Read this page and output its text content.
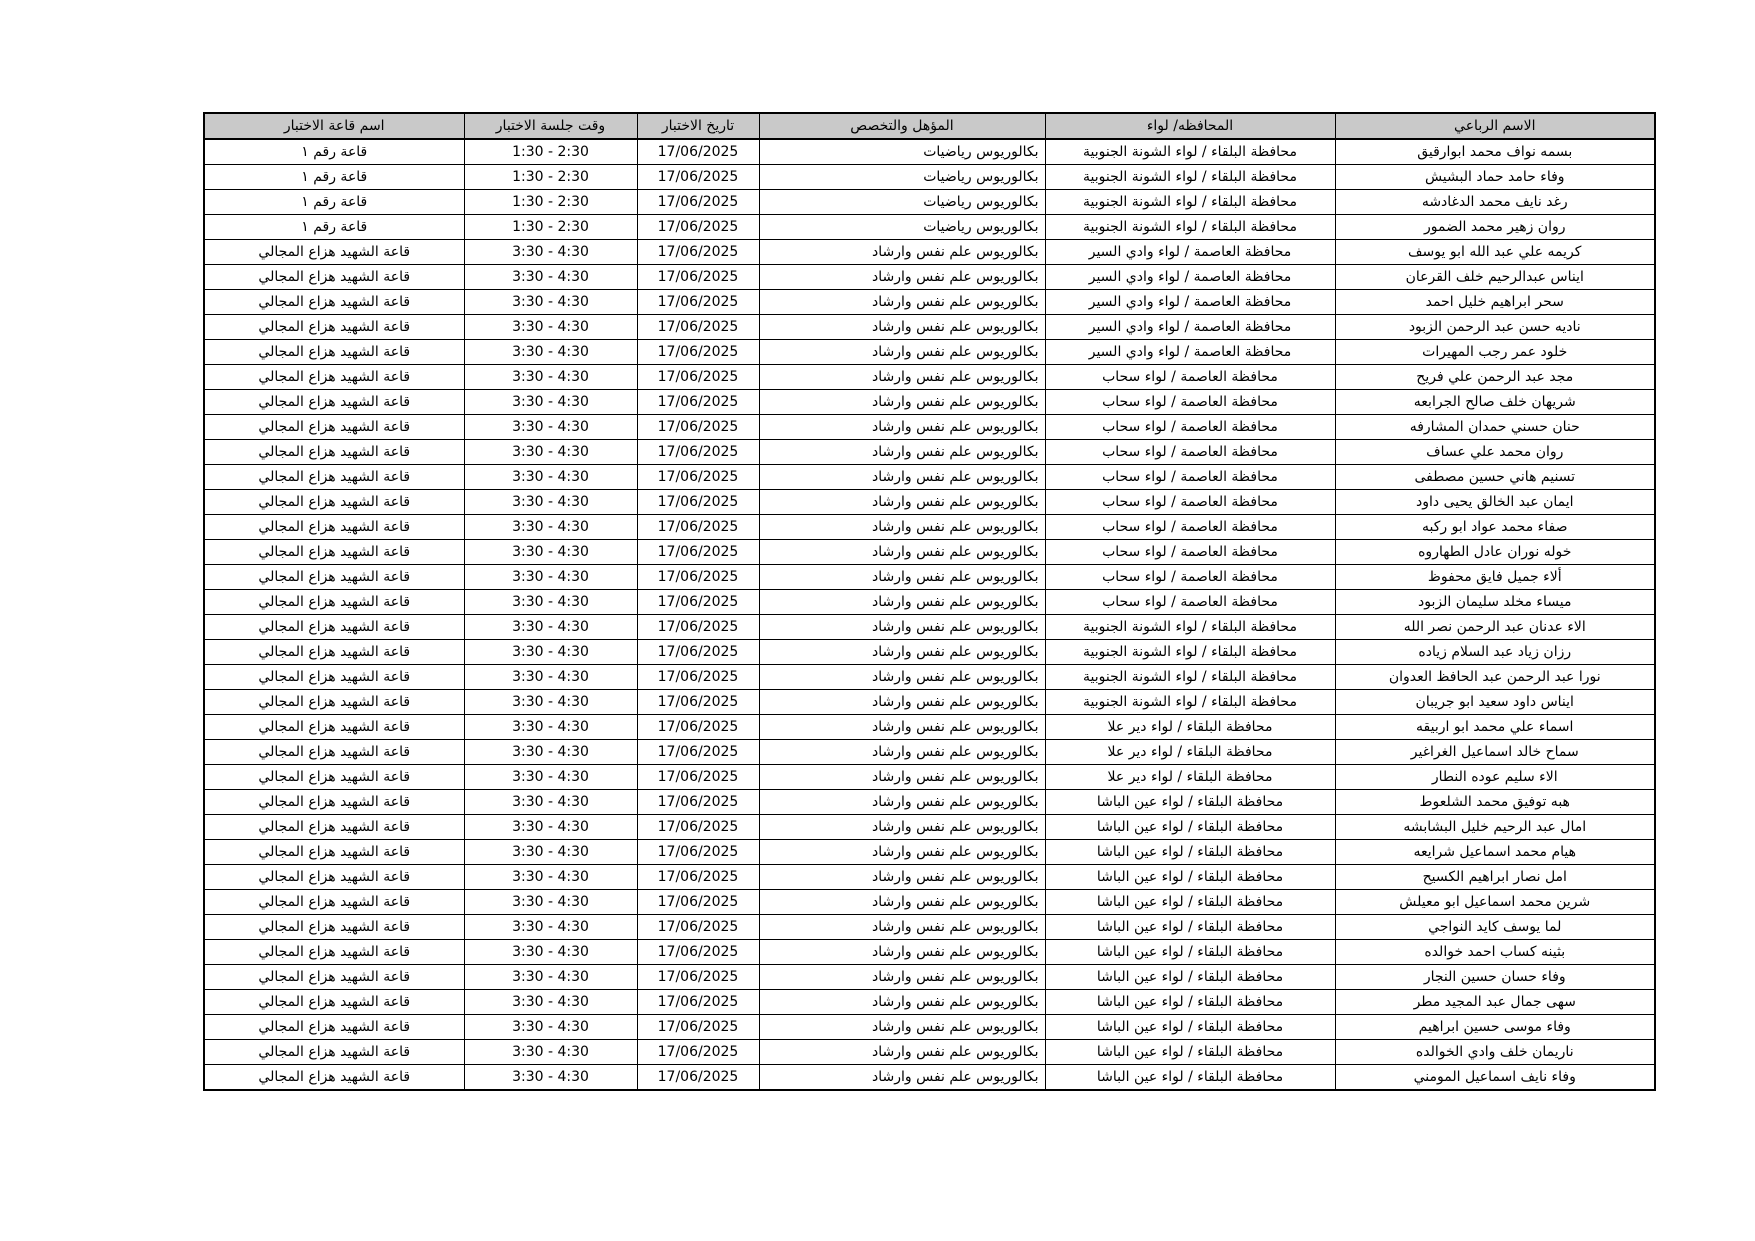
الاسم الرباعي	المحافظه/ لواء	المؤهل والتخصص	تاريخ الاختبار	وقت جلسة الاختبار	اسم قاعة الاختبار
بسمه نواف محمد ابوارقيق	محافظة البلقاء / لواء الشونة الجنوبية	بكالوريوس رياضيات	17/06/2025	1:30 - 2:30	قاعة رقم ١
وفاء حامد حماد البشيش	محافظة البلقاء / لواء الشونة الجنوبية	بكالوريوس رياضيات	17/06/2025	1:30 - 2:30	قاعة رقم ١
رغد نايف محمد الدغادشه	محافظة البلقاء / لواء الشونة الجنوبية	بكالوريوس رياضيات	17/06/2025	1:30 - 2:30	قاعة رقم ١
روان زهير محمد الضمور	محافظة البلقاء / لواء الشونة الجنوبية	بكالوريوس رياضيات	17/06/2025	1:30 - 2:30	قاعة رقم ١
كريمه علي عبد الله ابو يوسف	محافظة العاصمة / لواء وادي السير	بكالوريوس علم نفس وارشاد	17/06/2025	3:30 - 4:30	قاعة الشهيد هزاع المجالي
ايناس عبدالرحيم خلف القرعان	محافظة العاصمة / لواء وادي السير	بكالوريوس علم نفس وارشاد	17/06/2025	3:30 - 4:30	قاعة الشهيد هزاع المجالي
سحر ابراهيم خليل احمد	محافظة العاصمة / لواء وادي السير	بكالوريوس علم نفس وارشاد	17/06/2025	3:30 - 4:30	قاعة الشهيد هزاع المجالي
ناديه حسن عبد الرحمن الزبود	محافظة العاصمة / لواء وادي السير	بكالوريوس علم نفس وارشاد	17/06/2025	3:30 - 4:30	قاعة الشهيد هزاع المجالي
خلود عمر رجب المهيرات	محافظة العاصمة / لواء وادي السير	بكالوريوس علم نفس وارشاد	17/06/2025	3:30 - 4:30	قاعة الشهيد هزاع المجالي
مجد عبد الرحمن علي فريح	محافظة العاصمة / لواء سحاب	بكالوريوس علم نفس وارشاد	17/06/2025	3:30 - 4:30	قاعة الشهيد هزاع المجالي
شريهان خلف صالح الجرابعه	محافظة العاصمة / لواء سحاب	بكالوريوس علم نفس وارشاد	17/06/2025	3:30 - 4:30	قاعة الشهيد هزاع المجالي
حنان حسني حمدان المشارفه	محافظة العاصمة / لواء سحاب	بكالوريوس علم نفس وارشاد	17/06/2025	3:30 - 4:30	قاعة الشهيد هزاع المجالي
روان محمد علي عساف	محافظة العاصمة / لواء سحاب	بكالوريوس علم نفس وارشاد	17/06/2025	3:30 - 4:30	قاعة الشهيد هزاع المجالي
تسنيم هاني حسين مصطفى	محافظة العاصمة / لواء سحاب	بكالوريوس علم نفس وارشاد	17/06/2025	3:30 - 4:30	قاعة الشهيد هزاع المجالي
ايمان عبد الخالق يحيى داود	محافظة العاصمة / لواء سحاب	بكالوريوس علم نفس وارشاد	17/06/2025	3:30 - 4:30	قاعة الشهيد هزاع المجالي
صفاء محمد عواد ابو ركبه	محافظة العاصمة / لواء سحاب	بكالوريوس علم نفس وارشاد	17/06/2025	3:30 - 4:30	قاعة الشهيد هزاع المجالي
خوله نوران عادل الطهاروه	محافظة العاصمة / لواء سحاب	بكالوريوس علم نفس وارشاد	17/06/2025	3:30 - 4:30	قاعة الشهيد هزاع المجالي
ألاء جميل فايق محفوظ	محافظة العاصمة / لواء سحاب	بكالوريوس علم نفس وارشاد	17/06/2025	3:30 - 4:30	قاعة الشهيد هزاع المجالي
ميساء مخلد سليمان الزبود	محافظة العاصمة / لواء سحاب	بكالوريوس علم نفس وارشاد	17/06/2025	3:30 - 4:30	قاعة الشهيد هزاع المجالي
الاء عدنان عبد الرحمن نصر الله	محافظة البلقاء / لواء الشونة الجنوبية	بكالوريوس علم نفس وارشاد	17/06/2025	3:30 - 4:30	قاعة الشهيد هزاع المجالي
رزان زياد عبد السلام زياده	محافظة البلقاء / لواء الشونة الجنوبية	بكالوريوس علم نفس وارشاد	17/06/2025	3:30 - 4:30	قاعة الشهيد هزاع المجالي
نورا عبد الرحمن عبد الحافظ العدوان	محافظة البلقاء / لواء الشونة الجنوبية	بكالوريوس علم نفس وارشاد	17/06/2025	3:30 - 4:30	قاعة الشهيد هزاع المجالي
ايناس داود سعيد ابو جريبان	محافظة البلقاء / لواء الشونة الجنوبية	بكالوريوس علم نفس وارشاد	17/06/2025	3:30 - 4:30	قاعة الشهيد هزاع المجالي
اسماء علي محمد ابو اربيقه	محافظة البلقاء / لواء دير علا	بكالوريوس علم نفس وارشاد	17/06/2025	3:30 - 4:30	قاعة الشهيد هزاع المجالي
سماح خالد اسماعيل الغراغير	محافظة البلقاء / لواء دير علا	بكالوريوس علم نفس وارشاد	17/06/2025	3:30 - 4:30	قاعة الشهيد هزاع المجالي
الاء سليم عوده النطار	محافظة البلقاء / لواء دير علا	بكالوريوس علم نفس وارشاد	17/06/2025	3:30 - 4:30	قاعة الشهيد هزاع المجالي
هبه توفيق محمد الشلعوط	محافظة البلقاء / لواء عين الباشا	بكالوريوس علم نفس وارشاد	17/06/2025	3:30 - 4:30	قاعة الشهيد هزاع المجالي
امال عبد الرحيم خليل البشابشه	محافظة البلقاء / لواء عين الباشا	بكالوريوس علم نفس وارشاد	17/06/2025	3:30 - 4:30	قاعة الشهيد هزاع المجالي
هيام محمد اسماعيل شرايعه	محافظة البلقاء / لواء عين الباشا	بكالوريوس علم نفس وارشاد	17/06/2025	3:30 - 4:30	قاعة الشهيد هزاع المجالي
امل نصار ابراهيم الكسيح	محافظة البلقاء / لواء عين الباشا	بكالوريوس علم نفس وارشاد	17/06/2025	3:30 - 4:30	قاعة الشهيد هزاع المجالي
شرين محمد اسماعيل ابو معيلش	محافظة البلقاء / لواء عين الباشا	بكالوريوس علم نفس وارشاد	17/06/2025	3:30 - 4:30	قاعة الشهيد هزاع المجالي
لما يوسف كايد النواجي	محافظة البلقاء / لواء عين الباشا	بكالوريوس علم نفس وارشاد	17/06/2025	3:30 - 4:30	قاعة الشهيد هزاع المجالي
بثينه كساب احمد خوالده	محافظة البلقاء / لواء عين الباشا	بكالوريوس علم نفس وارشاد	17/06/2025	3:30 - 4:30	قاعة الشهيد هزاع المجالي
وفاء حسان حسين النجار	محافظة البلقاء / لواء عين الباشا	بكالوريوس علم نفس وارشاد	17/06/2025	3:30 - 4:30	قاعة الشهيد هزاع المجالي
سهى جمال عبد المجيد مطر	محافظة البلقاء / لواء عين الباشا	بكالوريوس علم نفس وارشاد	17/06/2025	3:30 - 4:30	قاعة الشهيد هزاع المجالي
وفاء موسى حسين ابراهيم	محافظة البلقاء / لواء عين الباشا	بكالوريوس علم نفس وارشاد	17/06/2025	3:30 - 4:30	قاعة الشهيد هزاع المجالي
ناريمان خلف وادي الخوالده	محافظة البلقاء / لواء عين الباشا	بكالوريوس علم نفس وارشاد	17/06/2025	3:30 - 4:30	قاعة الشهيد هزاع المجالي
وفاء نايف اسماعيل المومني	محافظة البلقاء / لواء عين الباشا	بكالوريوس علم نفس وارشاد	17/06/2025	3:30 - 4:30	قاعة الشهيد هزاع المجالي
